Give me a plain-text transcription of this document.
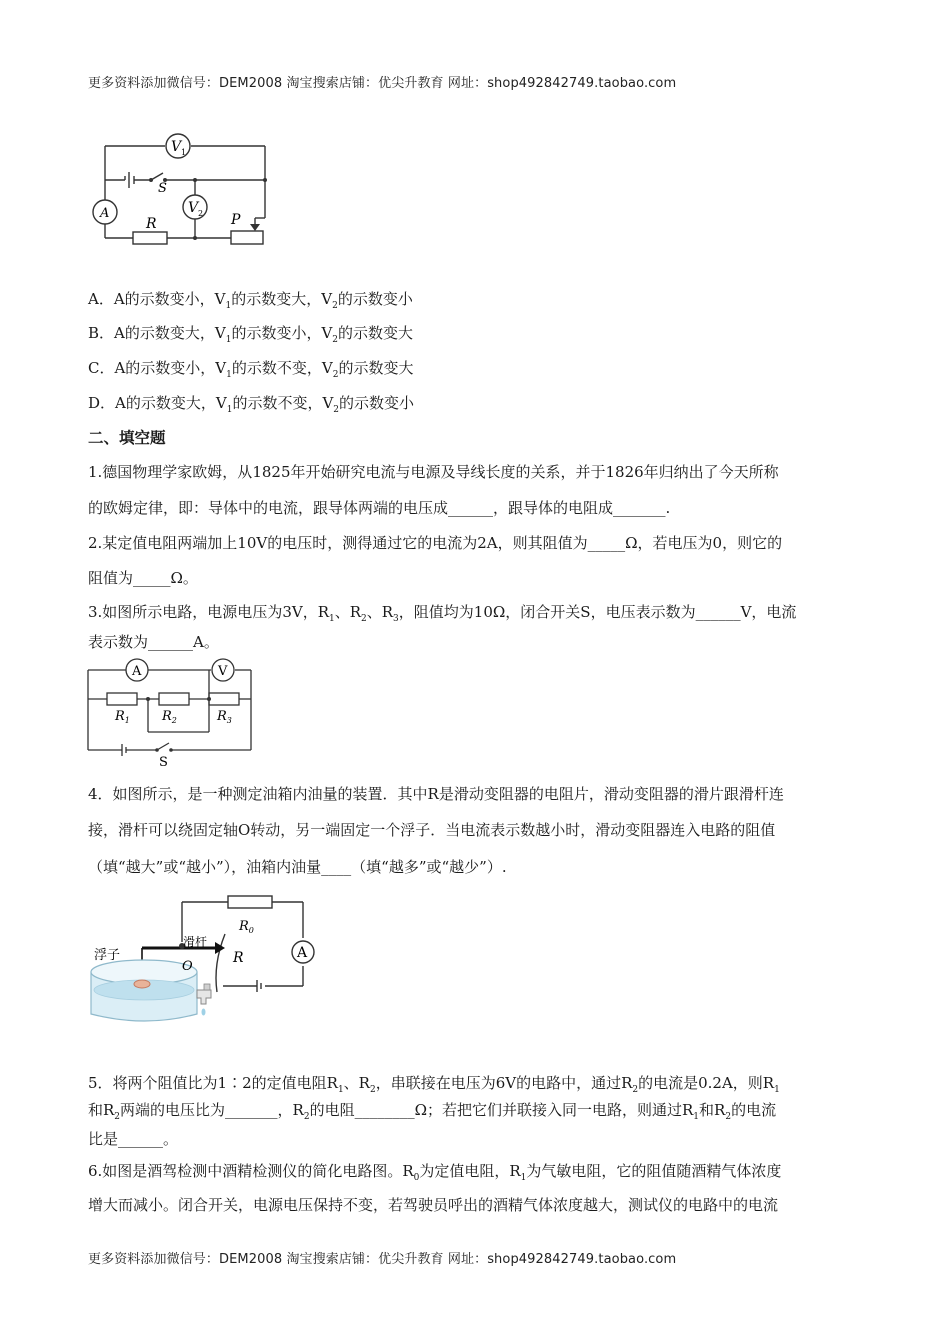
更多资料添加微信号：DEM2008 淘宝搜索店铺：优尖升教育 网址：shop492842749.taobao.com
V 1
A	V 2
S
R	P
A．A的示数变小，$V_1$的示数变大，$V_2$的示数变小
B．A的示数变大，$V_1$的示数变小，$V_2$的示数变大
C．A的示数变小，$V_1$的示数不变，$V_2$的示数变大
D．A的示数变大，$V_1$的示数不变，$V_2$的示数变小
二、填空题
1.德国物理学家欧姆，从1825年开始研究电流与电源及导线长度的关系，并于1826年归纳出了今天所称
的欧姆定律，即：导体中的电流，跟导体两端的电压成______，跟导体的电阻成_______.
2.某定值电阻两端加上10V的电压时，测得通过它的电流为2A，则其阻值为_____Ω，若电压为0，则它的
阻值为_____Ω。
3.如图所示电路，电源电压为3V，$R_1$、$R_2$、$R_3$，阻值均为10Ω，闭合开关S，电压表示数为______V，电流
表示数为______A。
A	V
$R_1$ $R_2$	$R_3$
S
4．如图所示，是一种测定油箱内油量的装置．其中R是滑动变阻器的电阻片，滑动变阻器的滑片跟滑杆连
接，滑杆可以绕固定轴O转动，另一端固定一个浮子．当电流表示数越小时，滑动变阻器连入电路的阻值
（填“越大”或“越小”），油箱内油量____（填“越多”或“越少”）.
$R_0$
A
浮子
滑杆
O
R
5．将两个阻值比为1∶2的定值电阻$R_1$、$R_2$，串联接在电压为6V的电路中，通过$R_2$的电流是0.2A，则$R_1$
和$R_2$两端的电压比为_______，$R_2$的电阻________Ω；若把它们并联接入同一电路，则通过$R_1$和$R_2$的电流
比是______。
6.如图是酒驾检测中酒精检测仪的简化电路图。$R_0$为定值电阻，$R_1$为气敏电阻，它的阻值随酒精气体浓度
增大而减小。闭合开关，电源电压保持不变，若驾驶员呼出的酒精气体浓度越大，测试仪的电路中的电流
更多资料添加微信号：DEM2008 淘宝搜索店铺：优尖升教育 网址：shop492842749.taobao.com
